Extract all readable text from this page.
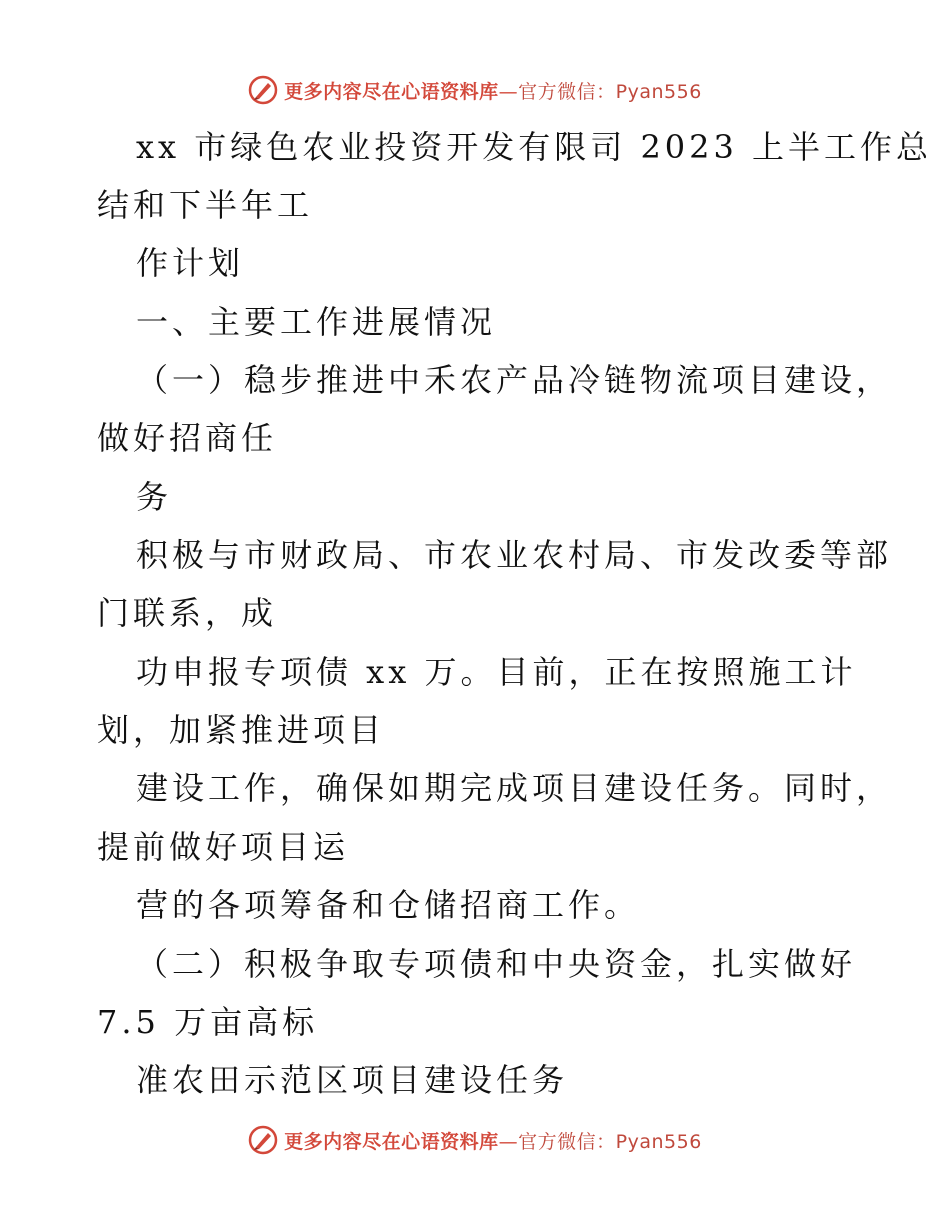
更多内容尽在心语资料库—官方微信：Pyan556
xx 市绿色农业投资开发有限司 2023 上半工作总
结和下半年工
作计划
一、主要工作进展情况
（一）稳步推进中禾农产品冷链物流项目建设，
做好招商任
务
积极与市财政局、市农业农村局、市发改委等部
门联系，成
功申报专项债 xx 万。目前，正在按照施工计
划，加紧推进项目
建设工作，确保如期完成项目建设任务。同时，
提前做好项目运
营的各项筹备和仓储招商工作。
（二）积极争取专项债和中央资金，扎实做好
7.5 万亩高标
准农田示范区项目建设任务
更多内容尽在心语资料库—官方微信：Pyan556
